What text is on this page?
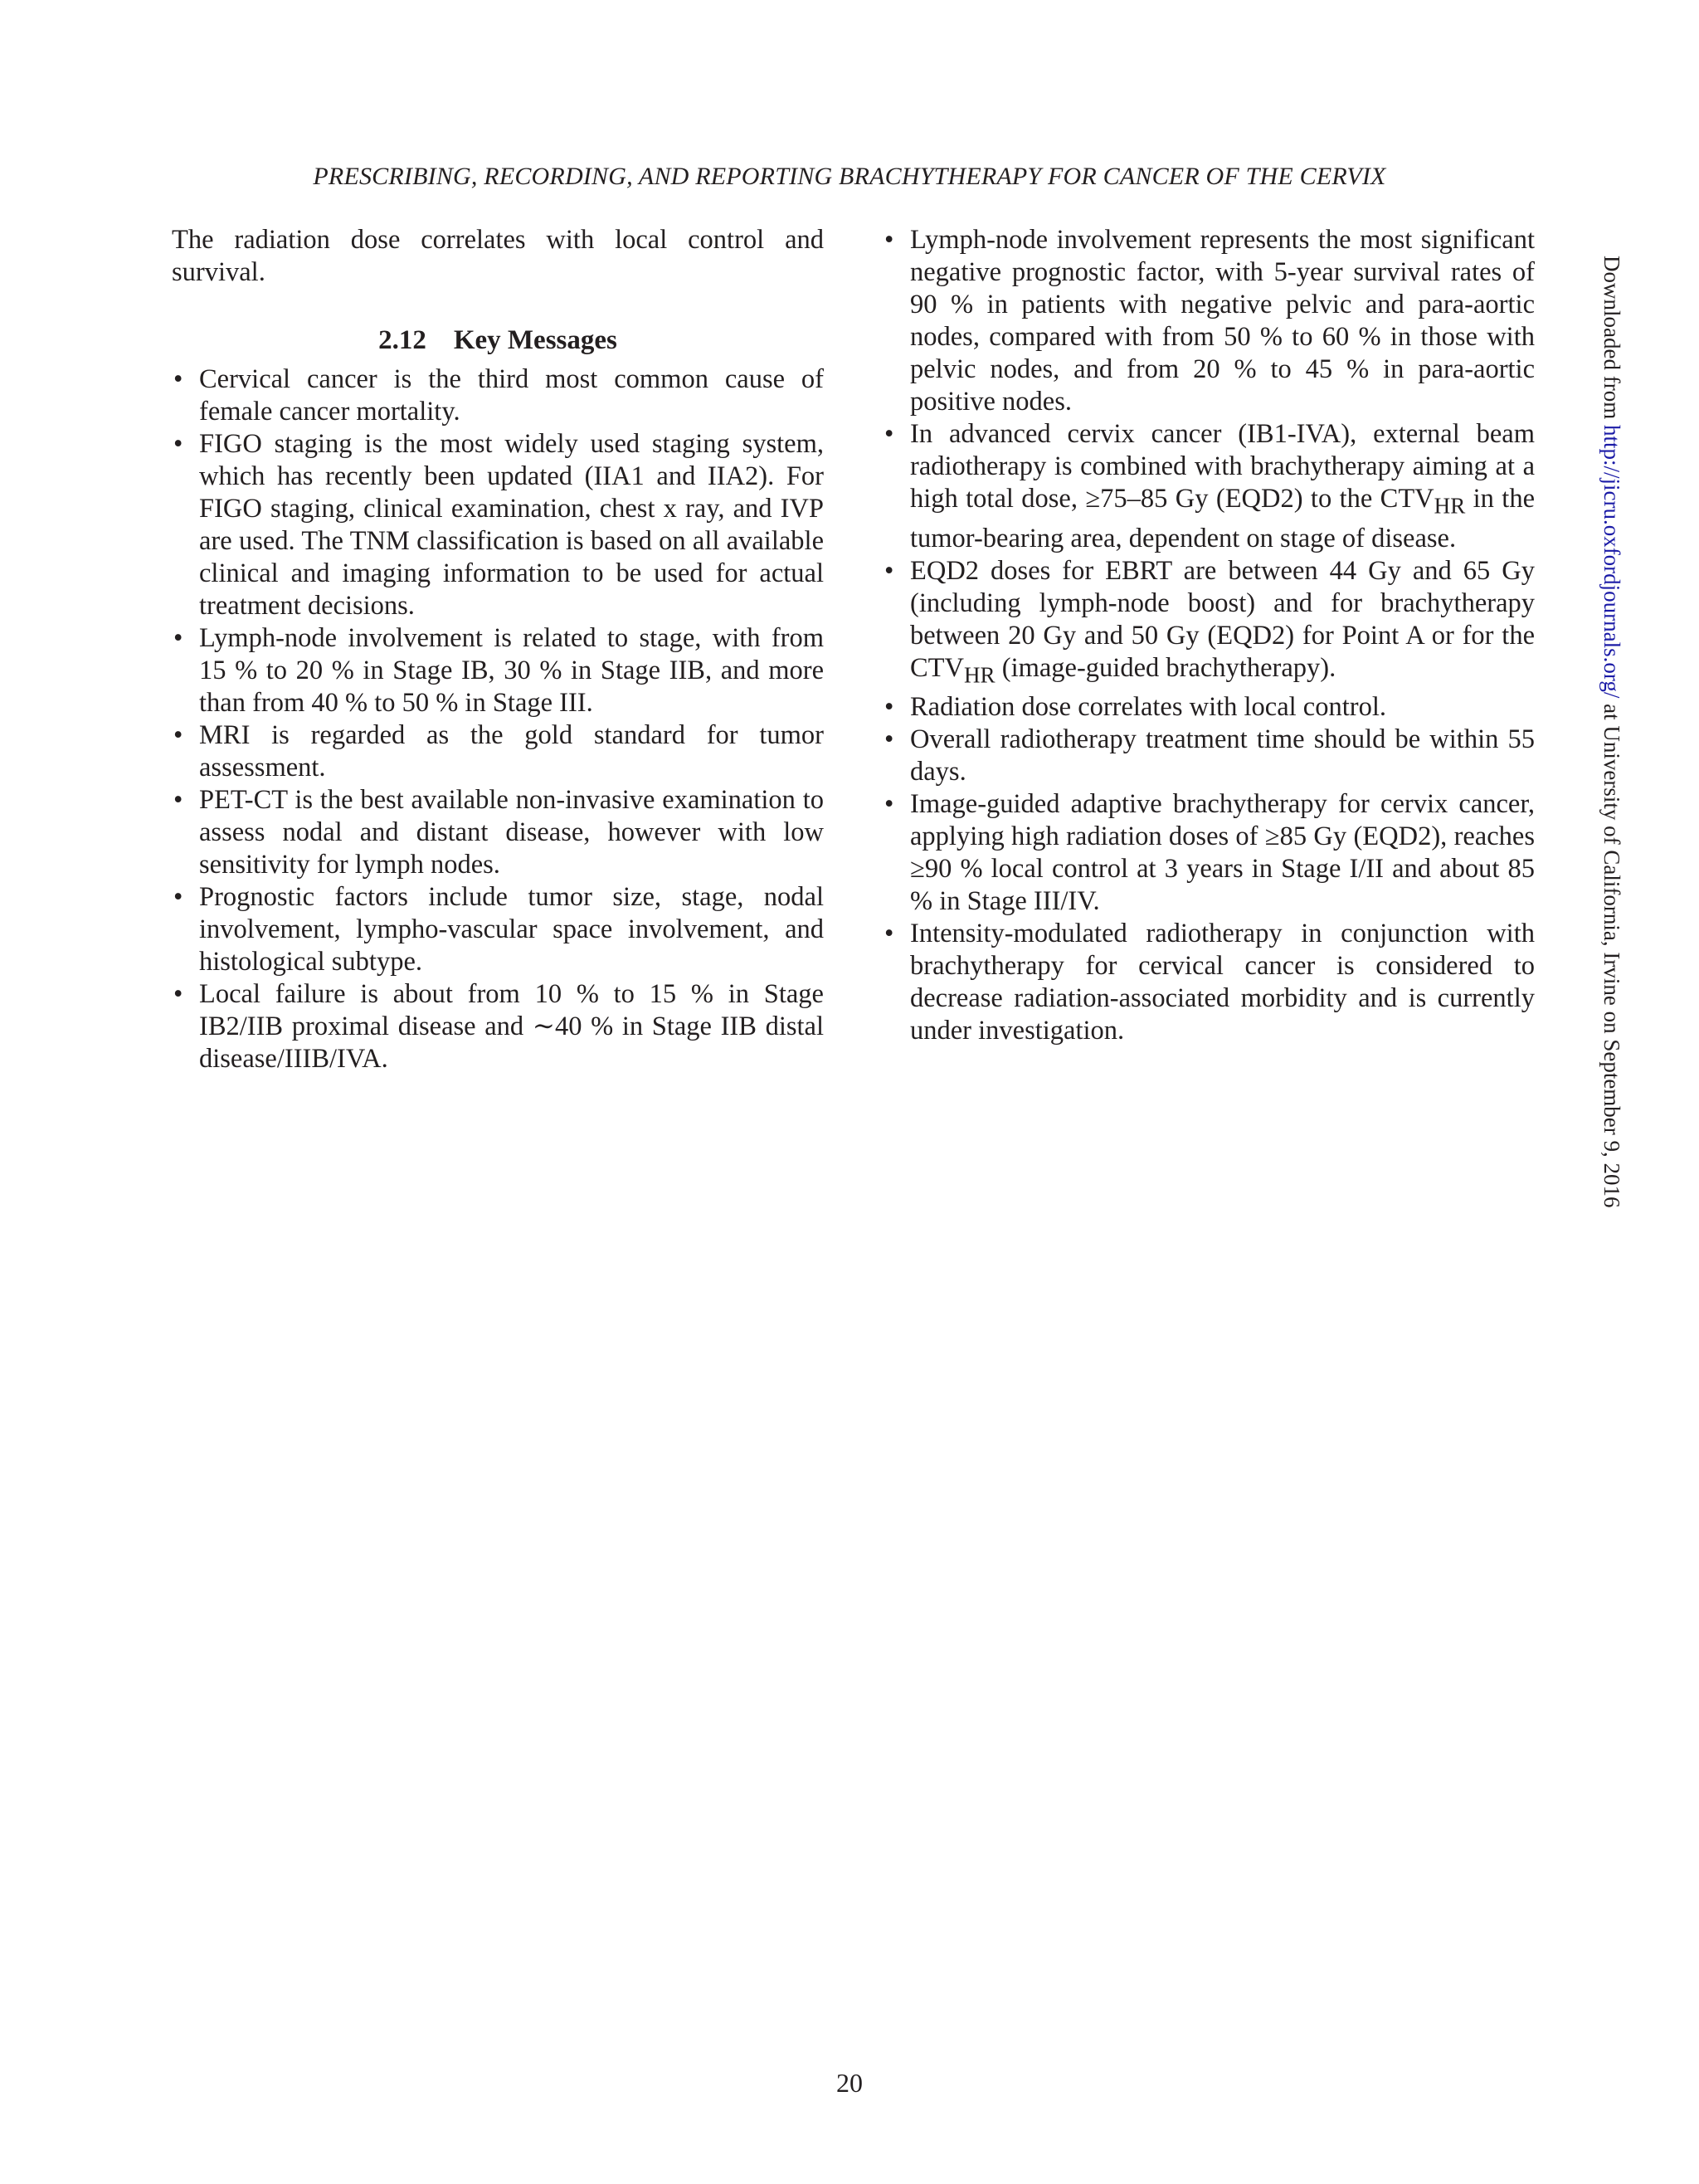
PRESCRIBING, RECORDING, AND REPORTING BRACHYTHERAPY FOR CANCER OF THE CERVIX

The radiation dose correlates with local control and survival.

2.12 Key Messages
• Cervical cancer is the third most common cause of female cancer mortality.
• FIGO staging is the most widely used staging system, which has recently been updated (IIA1 and IIA2). For FIGO staging, clinical examination, chest x ray, and IVP are used. The TNM classification is based on all available clinical and imaging information to be used for actual treatment decisions.
• Lymph-node involvement is related to stage, with from 15 % to 20 % in Stage IB, 30 % in Stage IIB, and more than from 40 % to 50 % in Stage III.
• MRI is regarded as the gold standard for tumor assessment.
• PET-CT is the best available non-invasive examination to assess nodal and distant disease, however with low sensitivity for lymph nodes.
• Prognostic factors include tumor size, stage, nodal involvement, lympho-vascular space involvement, and histological subtype.
• Local failure is about from 10 % to 15 % in Stage IB2/IIB proximal disease and ∼40 % in Stage IIB distal disease/IIIB/IVA.
• Lymph-node involvement represents the most significant negative prognostic factor, with 5-year survival rates of 90 % in patients with negative pelvic and para-aortic nodes, compared with from 50 % to 60 % in those with pelvic nodes, and from 20 % to 45 % in para-aortic positive nodes.
• In advanced cervix cancer (IB1-IVA), external beam radiotherapy is combined with brachytherapy aiming at a high total dose, ≥75–85 Gy (EQD2) to the $CTV_{HR}$ in the tumor-bearing area, dependent on stage of disease.
• EQD2 doses for EBRT are between 44 Gy and 65 Gy (including lymph-node boost) and for brachytherapy between 20 Gy and 50 Gy (EQD2) for Point A or for the $CTV_{HR}$ (image-guided brachytherapy).
• Radiation dose correlates with local control.
• Overall radiotherapy treatment time should be within 55 days.
• Image-guided adaptive brachytherapy for cervix cancer, applying high radiation doses of ≥85 Gy (EQD2), reaches ≥90 % local control at 3 years in Stage I/II and about 85 % in Stage III/IV.
• Intensity-modulated radiotherapy in conjunction with brachytherapy for cervical cancer is considered to decrease radiation-associated morbidity and is currently under investigation.
20
Downloaded from http://jicru.oxfordjournals.org/ at University of California, Irvine on September 9, 2016
